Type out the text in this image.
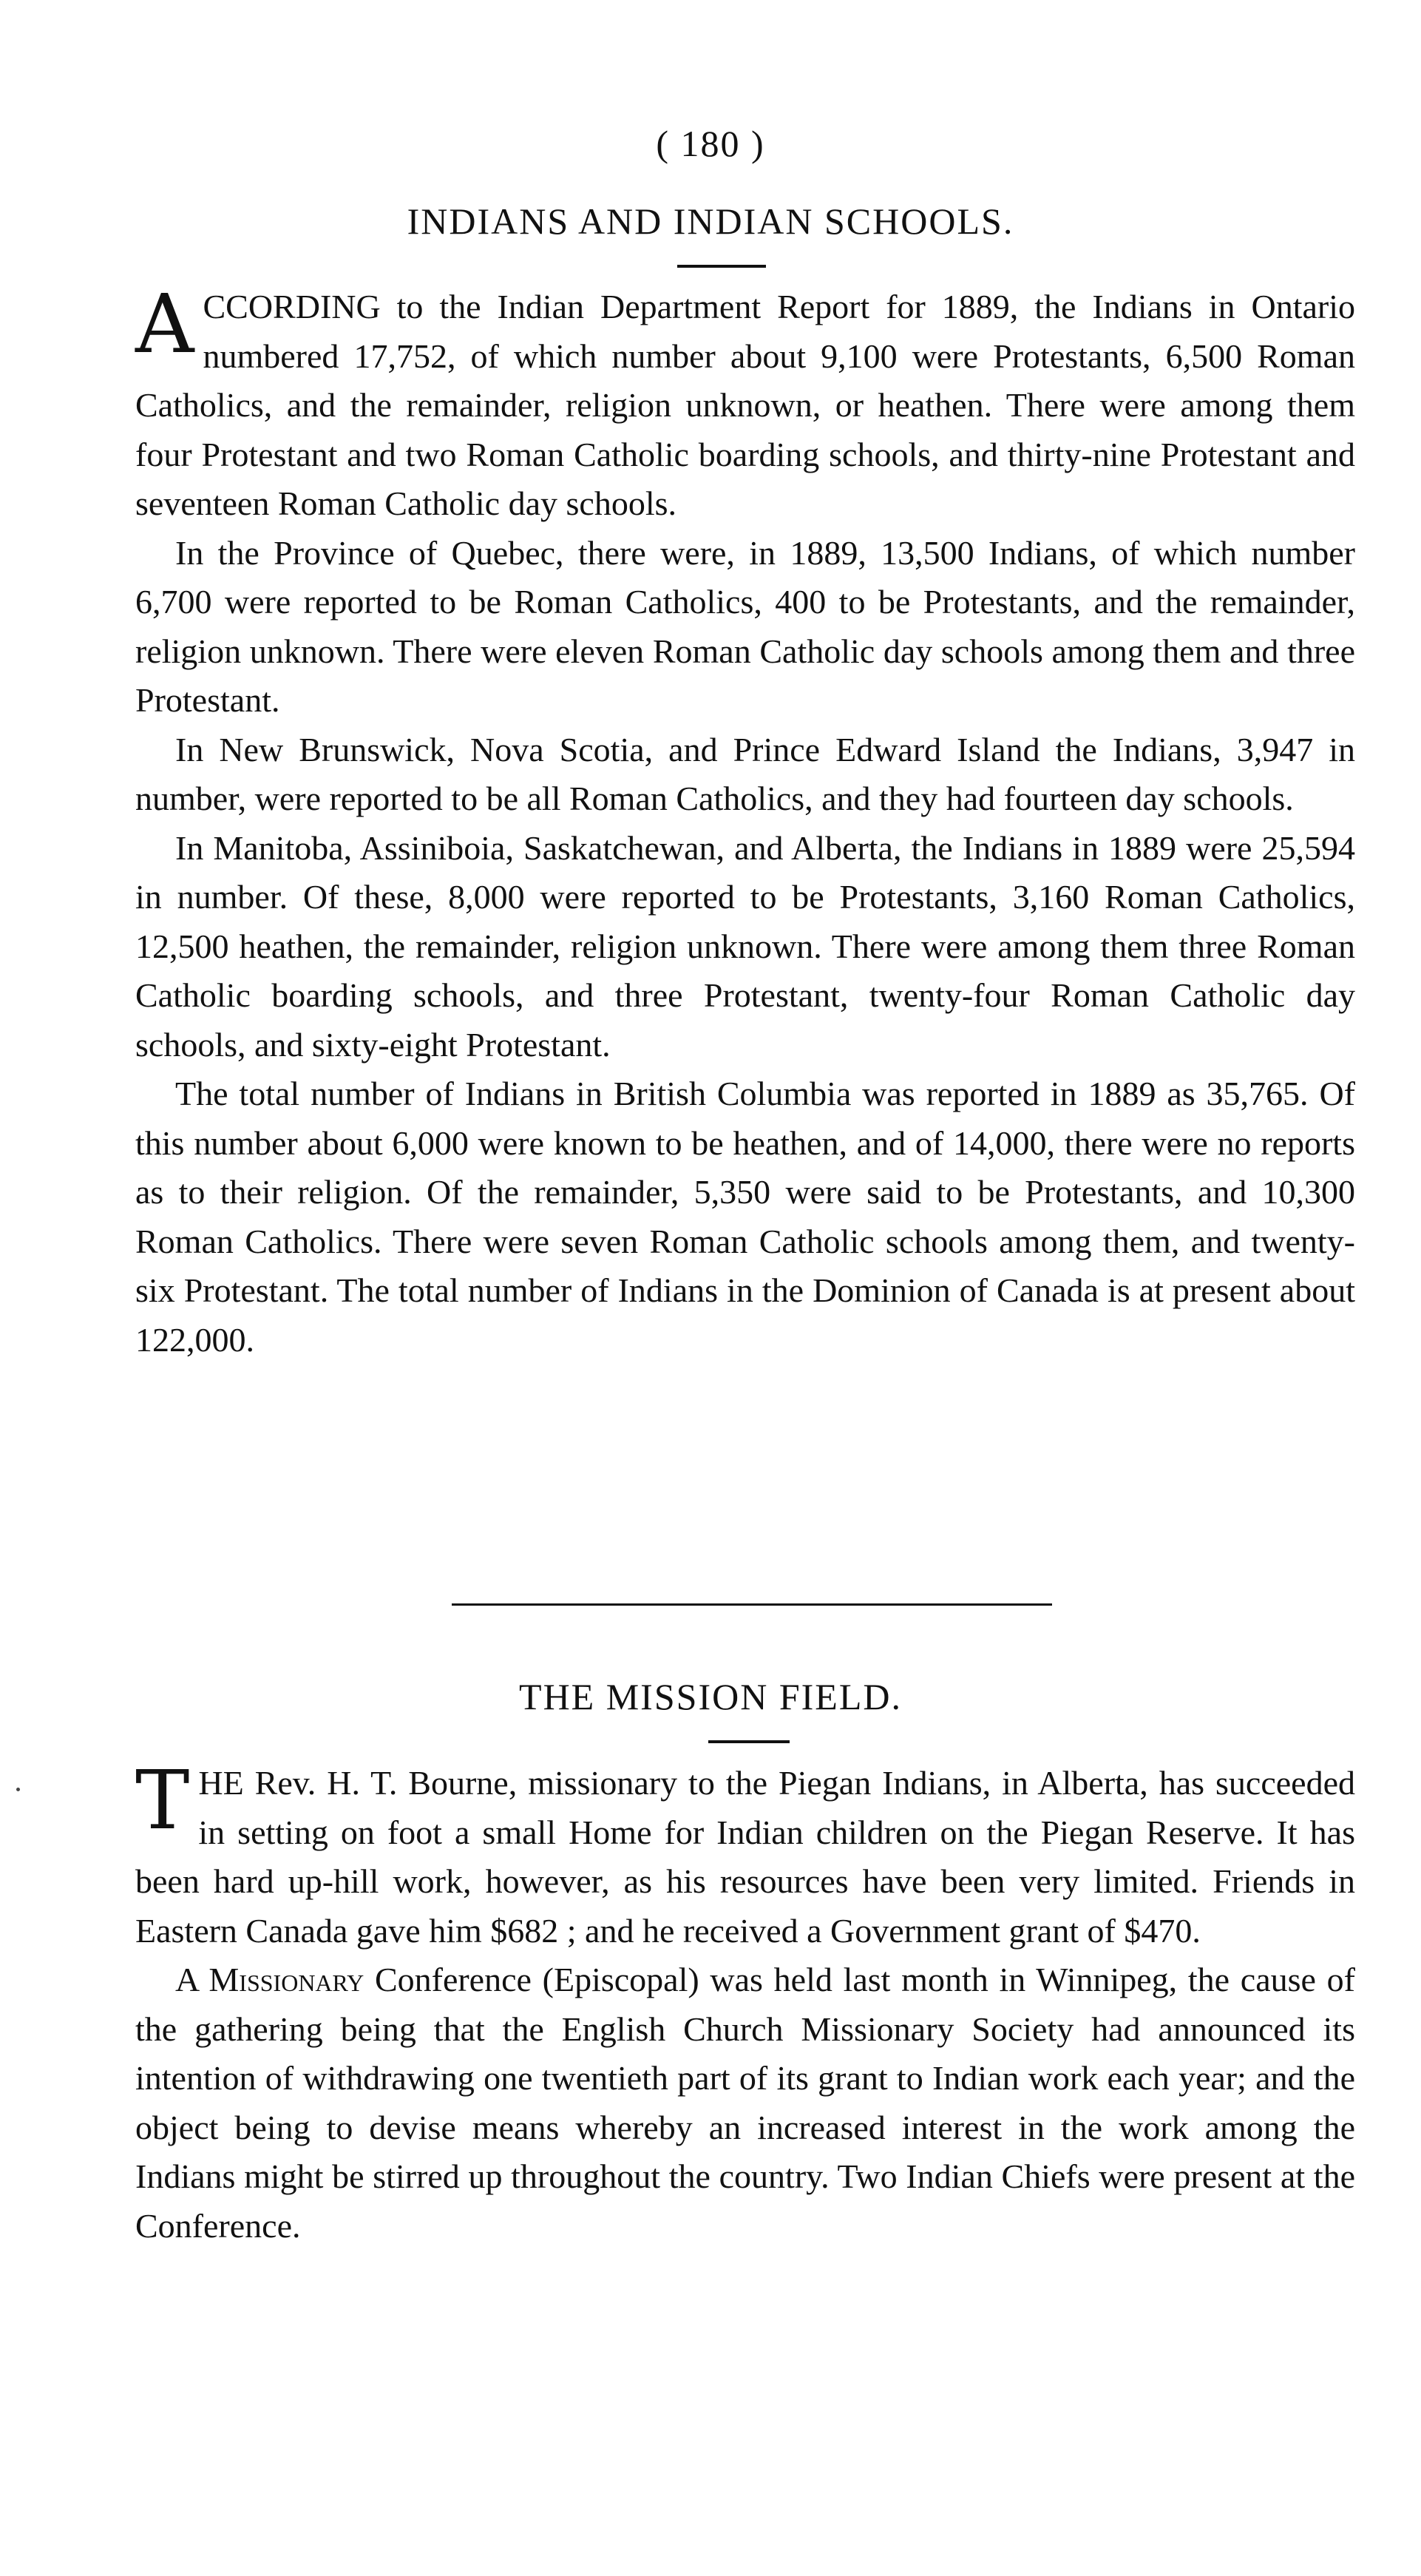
( 180 )
INDIANS AND INDIAN SCHOOLS.

ACCORDING to the Indian Department Report for 1889, the Indians in Ontario numbered 17,752, of which number about 9,100 were Protestants, 6,500 Roman Catholics, and the remainder, religion unknown, or heathen. There were among them four Protestant and two Roman Catholic boarding schools, and thirty-nine Protestant and seventeen Roman Catholic day schools.

In the Province of Quebec, there were, in 1889, 13,500 Indians, of which number 6,700 were reported to be Roman Catholics, 400 to be Protestants, and the remainder, religion unknown. There were eleven Roman Catholic day schools among them and three Protestant.

In New Brunswick, Nova Scotia, and Prince Edward Island the Indians, 3,947 in number, were reported to be all Roman Catholics, and they had fourteen day schools.

In Manitoba, Assiniboia, Saskatchewan, and Alberta, the Indians in 1889 were 25,594 in number. Of these, 8,000 were reported to be Protestants, 3,160 Roman Catholics, 12,500 heathen, the remainder, religion unknown. There were among them three Roman Catholic boarding schools, and three Protestant, twenty-four Roman Catholic day schools, and sixty-eight Protestant.

The total number of Indians in British Columbia was reported in 1889 as 35,765. Of this number about 6,000 were known to be heathen, and of 14,000, there were no reports as to their religion. Of the remainder, 5,350 were said to be Protestants, and 10,300 Roman Catholics. There were seven Roman Catholic schools among them, and twenty-six Protestant. The total number of Indians in the Dominion of Canada is at present about 122,000.

THE MISSION FIELD.

THE Rev. H. T. Bourne, missionary to the Piegan Indians, in Alberta, has succeeded in setting on foot a small Home for Indian children on the Piegan Reserve. It has been hard up-hill work, however, as his resources have been very limited. Friends in Eastern Canada gave him $682 ; and he received a Government grant of $470.

A Missionary Conference (Episcopal) was held last month in Winnipeg, the cause of the gathering being that the English Church Missionary Society had announced its intention of withdrawing one twentieth part of its grant to Indian work each year; and the object being to devise means whereby an increased interest in the work among the Indians might be stirred up throughout the country. Two Indian Chiefs were present at the Conference.
